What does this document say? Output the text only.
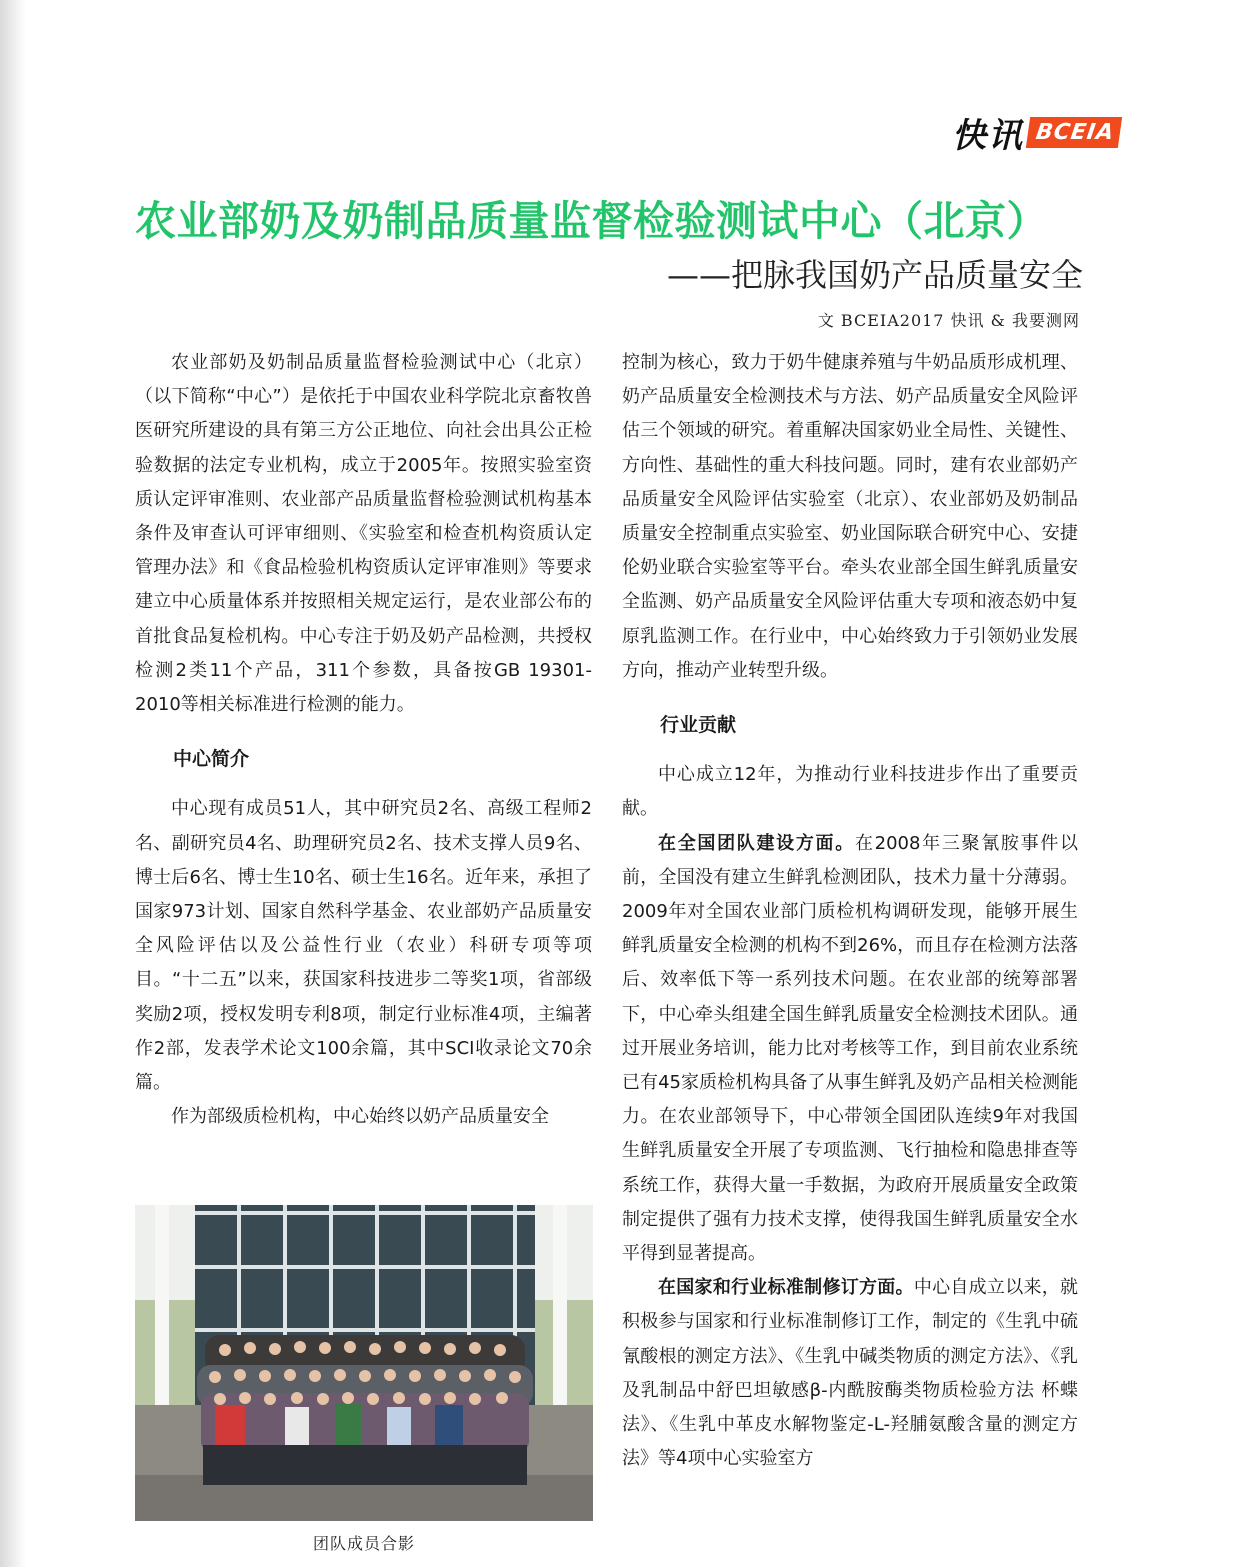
快讯 BCEIA
农业部奶及奶制品质量监督检验测试中心（北京）
——把脉我国奶产品质量安全
文 BCEIA2017 快讯 & 我要测网

农业部奶及奶制品质量监督检验测试中心（北京）（以下简称“中心”）是依托于中国农业科学院北京畜牧兽医研究所建设的具有第三方公正地位、向社会出具公正检验数据的法定专业机构，成立于2005年。按照实验室资质认定评审准则、农业部产品质量监督检验测试机构基本条件及审查认可评审细则、《实验室和检查机构资质认定管理办法》和《食品检验机构资质认定评审准则》等要求建立中心质量体系并按照相关规定运行，是农业部公布的首批食品复检机构。中心专注于奶及奶产品检测，共授权检测2类11个产品，311个参数，具备按GB 19301-2010等相关标准进行检测的能力。

中心简介

中心现有成员51人，其中研究员2名、高级工程师2名、副研究员4名、助理研究员2名、技术支撑人员9名、博士后6名、博士生10名、硕士生16名。近年来，承担了国家973计划、国家自然科学基金、农业部奶产品质量安全风险评估以及公益性行业（农业）科研专项等项目。“十二五”以来，获国家科技进步二等奖1项，省部级奖励2项，授权发明专利8项，制定行业标准4项，主编著作2部，发表学术论文100余篇，其中SCI收录论文70余篇。

作为部级质检机构，中心始终以奶产品质量安全

控制为核心，致力于奶牛健康养殖与牛奶品质形成机理、奶产品质量安全检测技术与方法、奶产品质量安全风险评估三个领域的研究。着重解决国家奶业全局性、关键性、方向性、基础性的重大科技问题。同时，建有农业部奶产品质量安全风险评估实验室（北京）、农业部奶及奶制品质量安全控制重点实验室、奶业国际联合研究中心、安捷伦奶业联合实验室等平台。牵头农业部全国生鲜乳质量安全监测、奶产品质量安全风险评估重大专项和液态奶中复原乳监测工作。在行业中，中心始终致力于引领奶业发展方向，推动产业转型升级。

行业贡献

中心成立12年，为推动行业科技进步作出了重要贡献。

在全国团队建设方面。在2008年三聚氰胺事件以前，全国没有建立生鲜乳检测团队，技术力量十分薄弱。2009年对全国农业部门质检机构调研发现，能够开展生鲜乳质量安全检测的机构不到26%，而且存在检测方法落后、效率低下等一系列技术问题。在农业部的统筹部署下，中心牵头组建全国生鲜乳质量安全检测技术团队。通过开展业务培训，能力比对考核等工作，到目前农业系统已有45家质检机构具备了从事生鲜乳及奶产品相关检测能力。在农业部领导下，中心带领全国团队连续9年对我国生鲜乳质量安全开展了专项监测、飞行抽检和隐患排查等系统工作，获得大量一手数据，为政府开展质量安全政策制定提供了强有力技术支撑，使得我国生鲜乳质量安全水平得到显著提高。

在国家和行业标准制修订方面。中心自成立以来，就积极参与国家和行业标准制修订工作，制定的《生乳中硫氰酸根的测定方法》、《生乳中碱类物质的测定方法》、《乳及乳制品中舒巴坦敏感β-内酰胺酶类物质检验方法 杯蝶法》、《生乳中革皮水解物鉴定-L-羟脯氨酸含量的测定方法》等4项中心实验室方

团队成员合影
